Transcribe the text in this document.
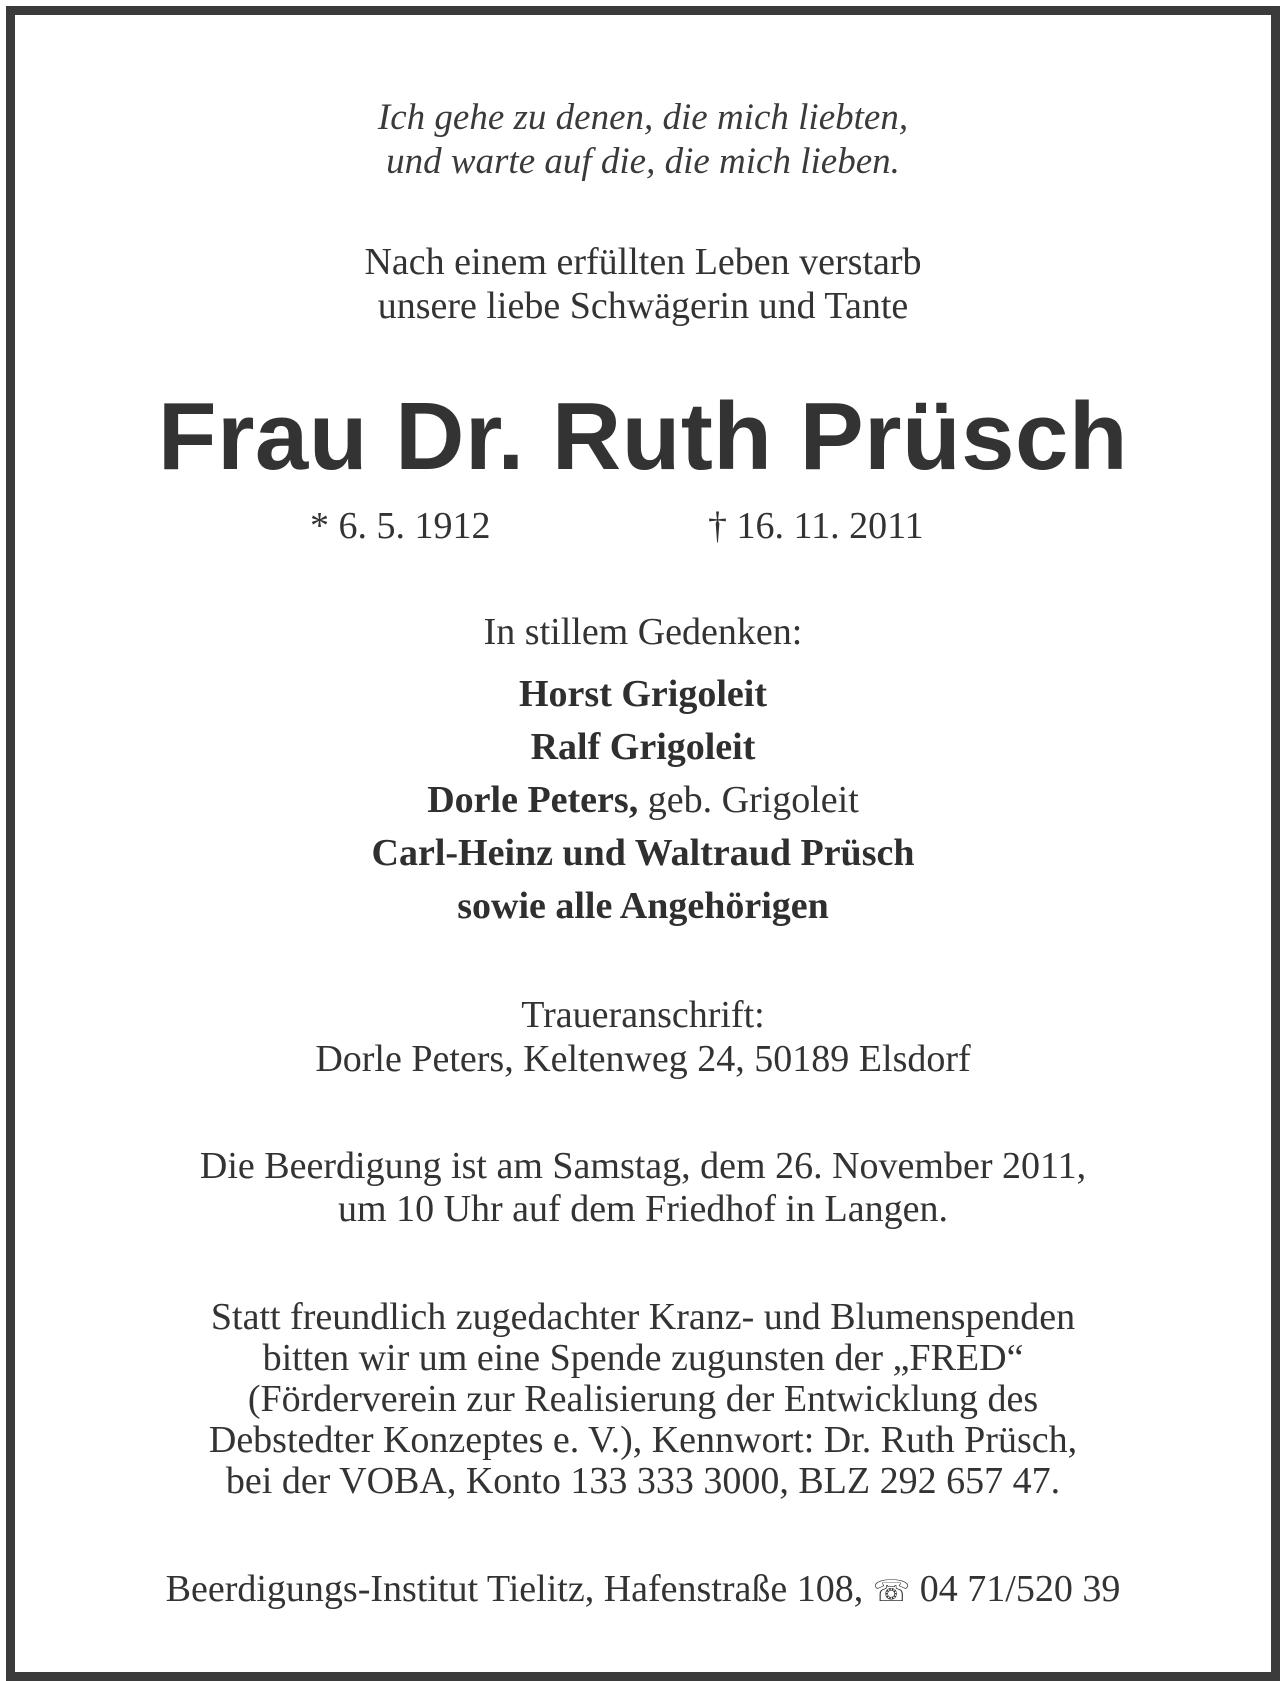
Ich gehe zu denen, die mich liebten,
und warte auf die, die mich lieben.
Nach einem erfüllten Leben verstarb
unsere liebe Schwägerin und Tante
Frau Dr. Ruth Prüsch
* 6. 5. 1912	† 16. 11. 2011
In stillem Gedenken:
Horst Grigoleit
Ralf Grigoleit
Dorle Peters, geb. Grigoleit
Carl-Heinz und Waltraud Prüsch
sowie alle Angehörigen
Traueranschrift:
Dorle Peters, Keltenweg 24, 50189 Elsdorf
Die Beerdigung ist am Samstag, dem 26. November 2011,
um 10 Uhr auf dem Friedhof in Langen.
Statt freundlich zugedachter Kranz- und Blumenspenden
bitten wir um eine Spende zugunsten der „FRED“
(Förderverein zur Realisierung der Entwicklung des
Debstedter Konzeptes e. V.), Kennwort: Dr. Ruth Prüsch,
bei der VOBA, Konto 133 333 3000, BLZ 292 657 47.
Beerdigungs-Institut Tielitz, Hafenstraße 108, ☏ 04 71/520 39
